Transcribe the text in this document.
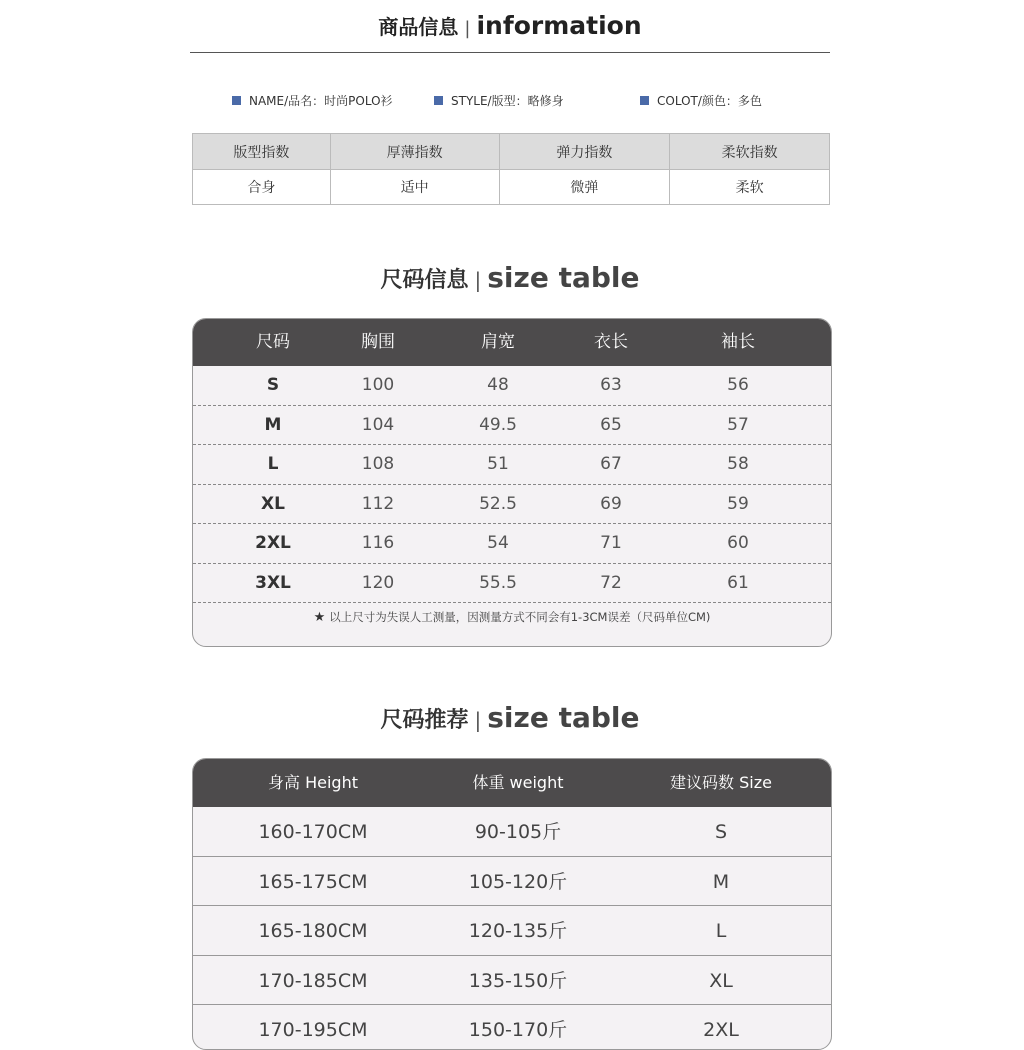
商品信息 | information
NAME/品名：时尚POLO衫	STYLE/版型：略修身	COLOT/颜色：多色
版型指数	厚薄指数	弹力指数	柔软指数
合身	适中	微弹	柔软
尺码信息 | size table
尺码	胸围	肩宽	衣长	袖长
S	100	48	63	56
M	104	49.5	65	57
L	108	51	67	58
XL	112	52.5	69	59
2XL	116	54	71	60
3XL	120	55.5	72	61
★ 以上尺寸为失误人工测量，因测量方式不同会有1-3CM误差（尺码单位CM)
尺码推荐 | size table
身高 Height	体重 weight	建议码数 Size
160-170CM	90-105斤	S
165-175CM	105-120斤	M
165-180CM	120-135斤	L
170-185CM	135-150斤	XL
170-195CM	150-170斤	2XL
